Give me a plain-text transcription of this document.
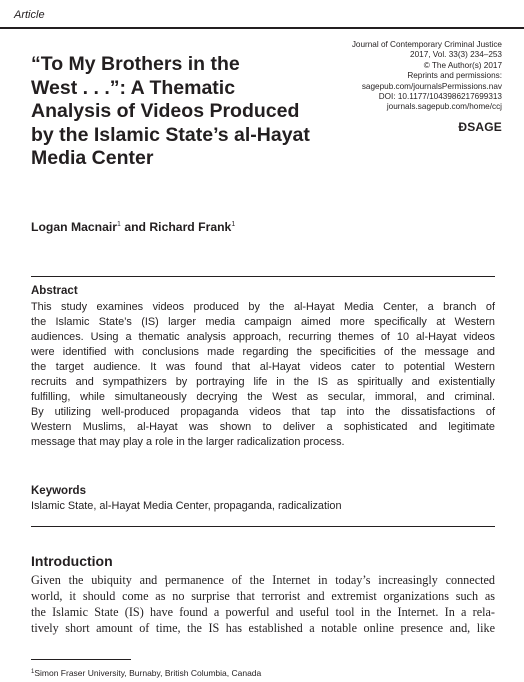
Article
“To My Brothers in the
West . . .”: A Thematic
Analysis of Videos Produced
by the Islamic State’s al-Hayat
Media Center
Journal of Contemporary Criminal Justice
2017, Vol. 33(3) 234–253
© The Author(s) 2017
Reprints and permissions:
sagepub.com/journalsPermissions.nav
DOI: 10.1177/1043986217699313
journals.sagepub.com/home/ccj
ƉSAGE
Logan Macnair$^1$ and Richard Frank$^1$
Abstract
This study examines videos produced by the al-Hayat Media Center, a branch of
the Islamic State’s (IS) larger media campaign aimed more specifically at Western
audiences. Using a thematic analysis approach, recurring themes of 10 al-Hayat videos
were identified with conclusions made regarding the specificities of the message and
the target audience. It was found that al-Hayat videos cater to potential Western
recruits and sympathizers by portraying life in the IS as spiritually and existentially
fulfilling, while simultaneously decrying the West as secular, immoral, and criminal.
By utilizing well-produced propaganda videos that tap into the dissatisfactions of
Western Muslims, al-Hayat was shown to deliver a sophisticated and legitimate
message that may play a role in the larger radicalization process.
Keywords
Islamic State, al-Hayat Media Center, propaganda, radicalization
Introduction
Given the ubiquity and permanence of the Internet in today’s increasingly connected
world, it should come as no surprise that terrorist and extremist organizations such as
the Islamic State (IS) have found a powerful and useful tool in the Internet. In a rela-
tively short amount of time, the IS has established a notable online presence and, like
$^1$Simon Fraser University, Burnaby, British Columbia, Canada
